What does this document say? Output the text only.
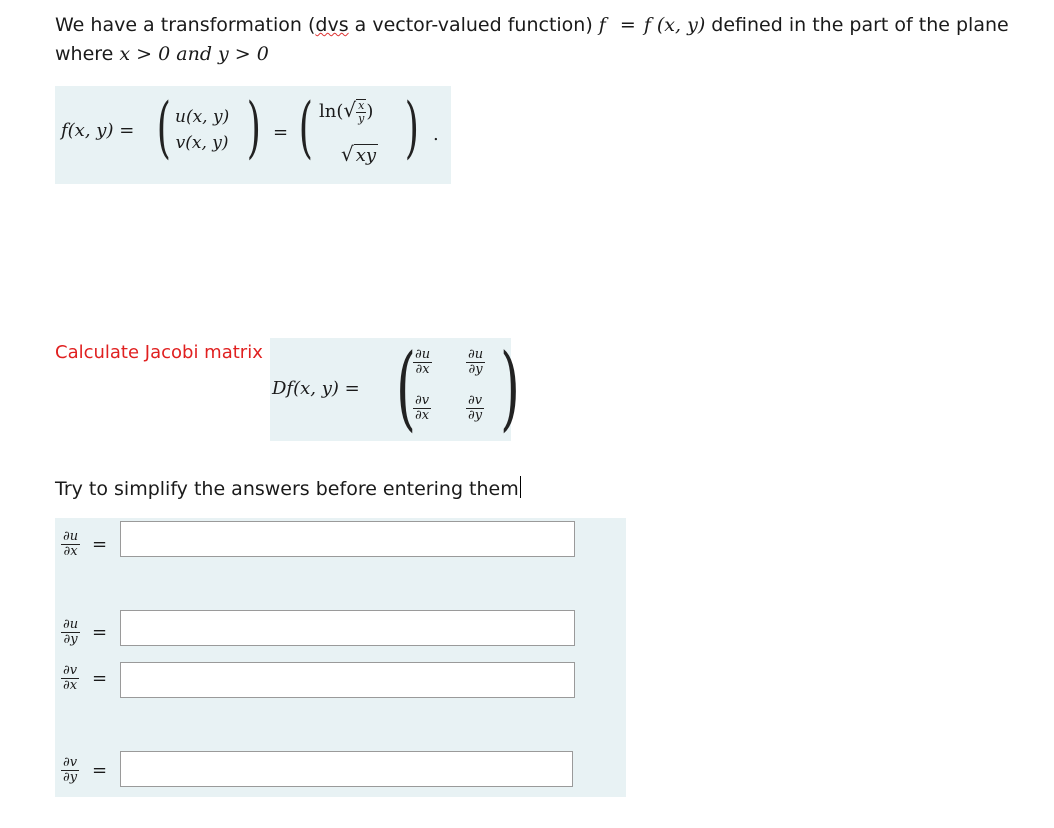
We have a transformation (dvs a vector-valued function) f = f (x, y) defined in the part of the plane
where x > 0 and y > 0
f(x, y) = ( u(x, y)
v(x, y) ) = ( $\ln(√ \frac{x}{y}$ )
√ xy ) .
Calculate Jacobi matrix
Df(x, y) = (
$\frac{\partial u}{\partial x}$	$\frac{\partial u}{\partial y}$
$\frac{\partial v}{\partial x}$	$\frac{\partial v}{\partial y}$ )
Try to simplify the answers before entering them
$\frac{\partial u}{\partial x}$ =
$\frac{\partial u}{\partial y}$ =
$\frac{\partial v}{\partial x}$ =
$\frac{\partial v}{\partial y}$ =
